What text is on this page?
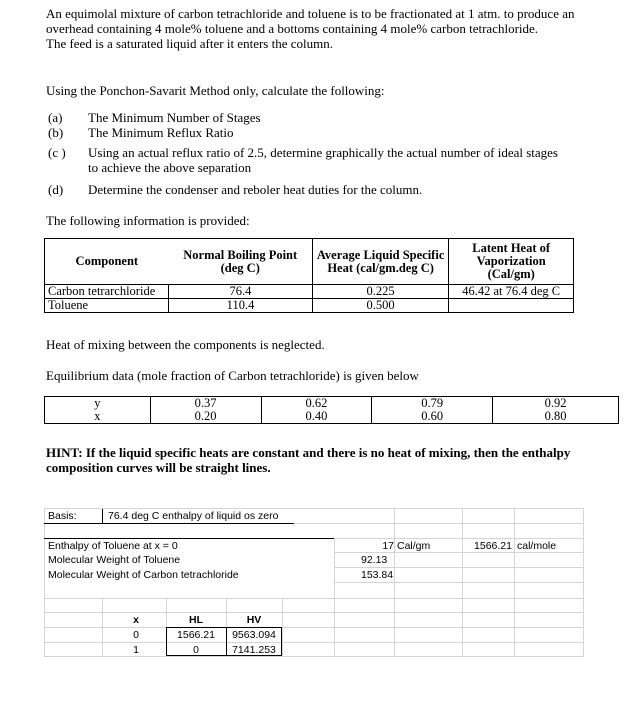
An equimolal mixture of carbon tetrachloride and toluene is to be fractionated at 1 atm. to produce an overhead containing 4 mole% toluene and a bottoms containing 4 mole% carbon tetrachloride.
The feed is a saturated liquid after it enters the column.
Using the Ponchon-Savarit Method only, calculate the following:
(a)	The Minimum Number of Stages
(b)	The Minimum Reflux Ratio
(c )	Using an actual reflux ratio of 2.5, determine graphically the actual number of ideal stages to achieve the above separation
(d)	Determine the condenser and reboler heat duties for the column.
The following information is provided:
Component	Normal Boiling Point (deg C)	Average Liquid Specific Heat (cal/gm.deg C)	Latent Heat of Vaporization (Cal/gm)
Carbon tetrarchloride	76.4	0.225	46.42 at 76.4 deg C
Toluene	110.4	0.500	
Heat of mixing between the components is neglected.
Equilibrium data (mole fraction of Carbon tetrachloride) is given below
y	0.37	0.62	0.79	0.92
x	0.20	0.40	0.60	0.80
HINT: If the liquid specific heats are constant and there is no heat of mixing, then the enthalpy composition curves will be straight lines.
Basis:	76.4 deg C enthalpy of liquid os zero
Enthalpy of Toluene at x = 0	17 Cal/gm	1566.21 cal/mole
Molecular Weight of Toluene	92.13
Molecular Weight of Carbon tetrachloride	153.84
x	HL	HV
0	1566.21	9563.094
1	0	7141.253
